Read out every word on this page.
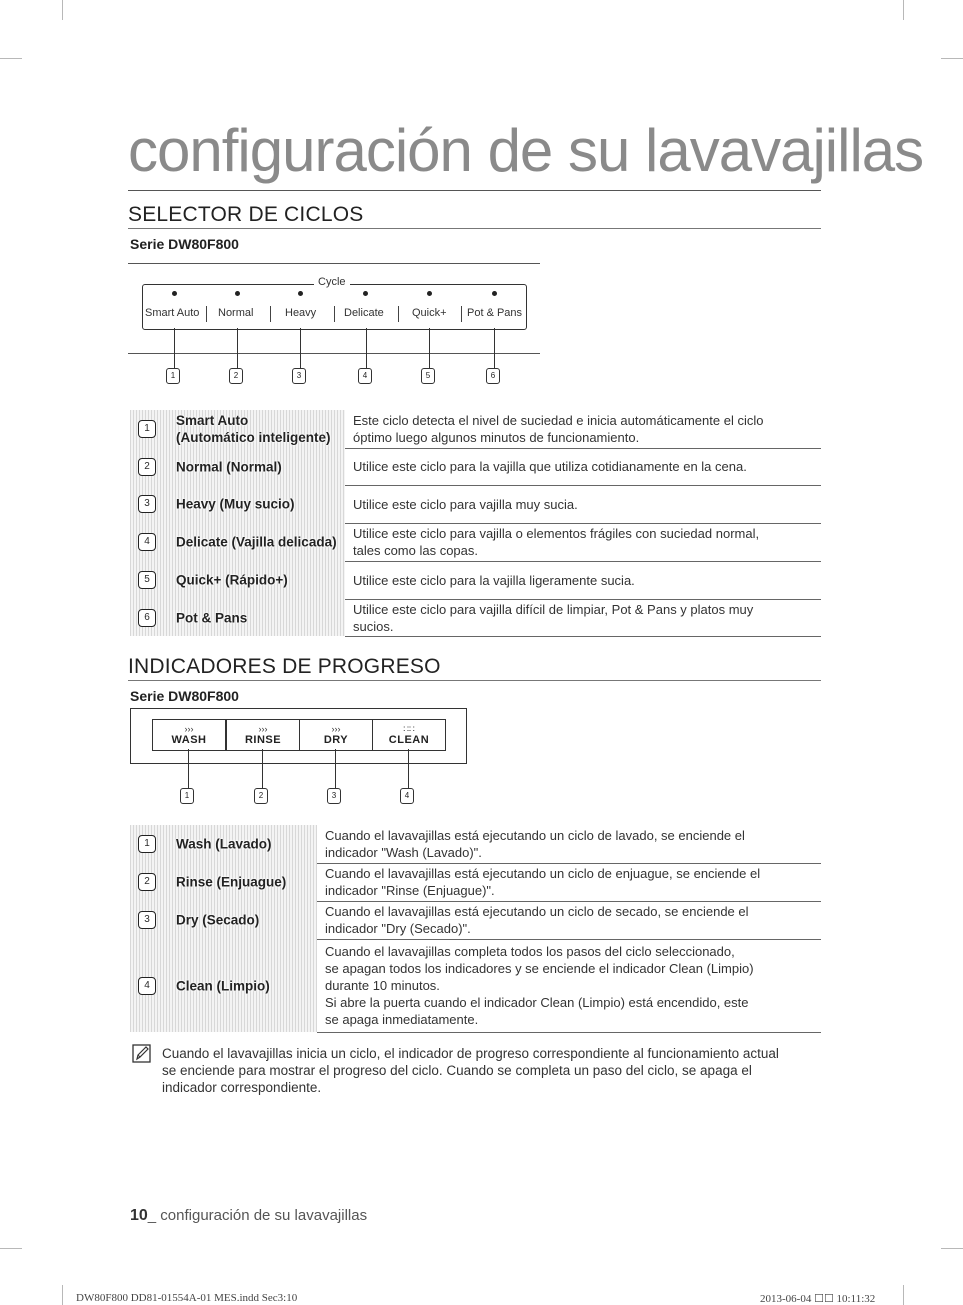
configuración de su lavavajillas
SELECTOR DE CICLOS
Serie DW80F800
Cycle
Smart Auto Normal	Heavy	Delicate	Quick+ Pot & Pans
1	2	3	4	5	6
1
Smart Auto
(Automático inteligente)	Este ciclo detecta el nivel de suciedad e inicia automáticamente el ciclo
óptimo luego algunos minutos de funcionamiento.

2 Normal (Normal)	Utilice este ciclo para la vajilla que utiliza cotidianamente en la cena.

3 Heavy (Muy sucio)	Utilice este ciclo para vajilla muy sucia.

4 Delicate (Vajilla delicada)	Utilice este ciclo para vajilla o elementos frágiles con suciedad normal,
tales como las copas.

5 Quick+ (Rápido+)	Utilice este ciclo para la vajilla ligeramente sucia.

6 Pot & Pans	Utilice este ciclo para vajilla difícil de limpiar, Pot & Pans y platos muy
sucios.
INDICADORES DE PROGRESO
Serie DW80F800
›››
WASH
›››
RINSE
›››
DRY
∷∷
CLEAN
1	2	3	4
1 Wash (Lavado)	Cuando el lavavajillas está ejecutando un ciclo de lavado, se enciende el
indicador "Wash (Lavado)".

2 Rinse (Enjuague)	Cuando el lavavajillas está ejecutando un ciclo de enjuague, se enciende el
indicador "Rinse (Enjuague)".

3 Dry (Secado)	Cuando el lavavajillas está ejecutando un ciclo de secado, se enciende el
indicador "Dry (Secado)".

4 Clean (Limpio)	Cuando el lavavajillas completa todos los pasos del ciclo seleccionado,
se apagan todos los indicadores y se enciende el indicador Clean (Limpio)
durante 10 minutos.
Si abre la puerta cuando el indicador Clean (Limpio) está encendido, este
se apaga inmediatamente.
Cuando el lavavajillas inicia un ciclo, el indicador de progreso correspondiente al funcionamiento actual
se enciende para mostrar el progreso del ciclo. Cuando se completa un paso del ciclo, se apaga el
indicador correspondiente.
10_ configuración de su lavavajillas
DW80F800 DD81-01554A-01 MES.indd Sec3:10	2013-06-04 ☐☐ 10:11:32
